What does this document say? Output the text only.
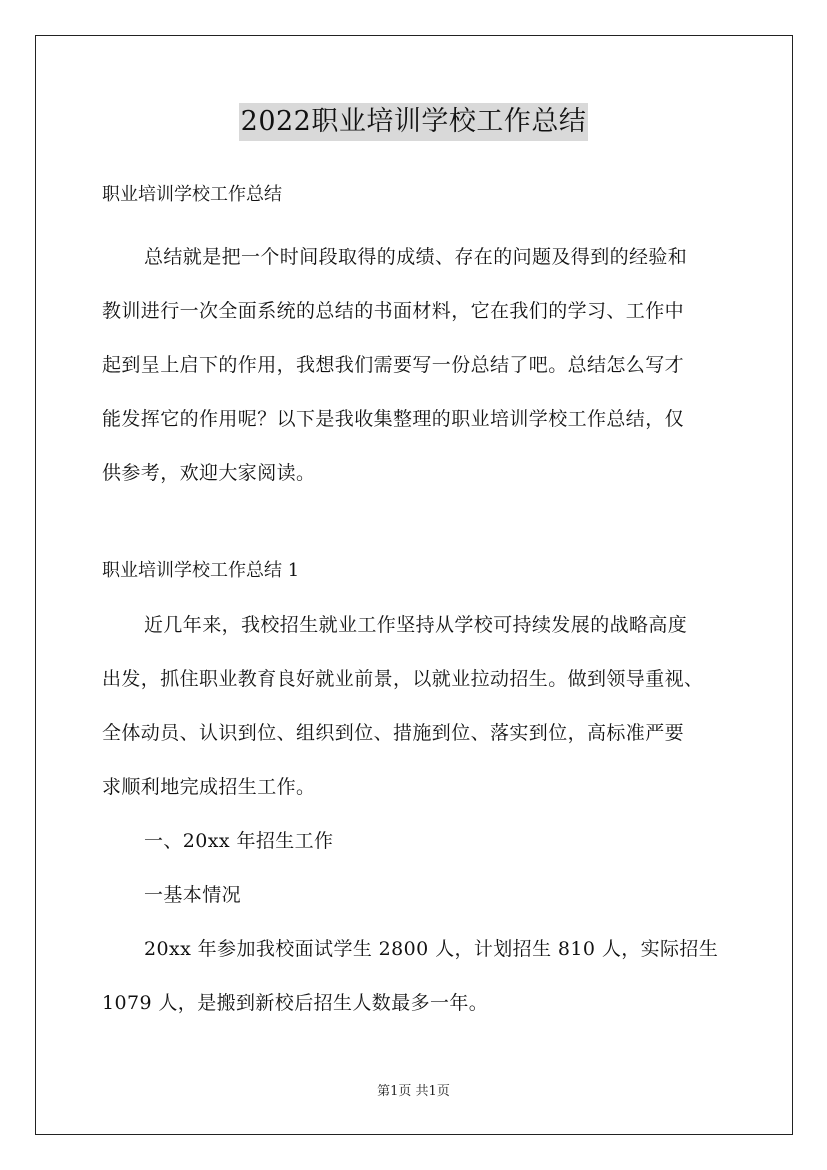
2022职业培训学校工作总结
职业培训学校工作总结
总结就是把一个时间段取得的成绩、存在的问题及得到的经验和
教训进行一次全面系统的总结的书面材料，它在我们的学习、工作中
起到呈上启下的作用，我想我们需要写一份总结了吧。总结怎么写才
能发挥它的作用呢？以下是我收集整理的职业培训学校工作总结，仅
供参考，欢迎大家阅读。
职业培训学校工作总结 1
近几年来，我校招生就业工作坚持从学校可持续发展的战略高度
出发，抓住职业教育良好就业前景，以就业拉动招生。做到领导重视、
全体动员、认识到位、组织到位、措施到位、落实到位，高标准严要
求顺利地完成招生工作。
一、20xx 年招生工作
一基本情况
20xx 年参加我校面试学生 2800 人，计划招生 810 人，实际招生
1079 人，是搬到新校后招生人数最多一年。
第1页 共1页
